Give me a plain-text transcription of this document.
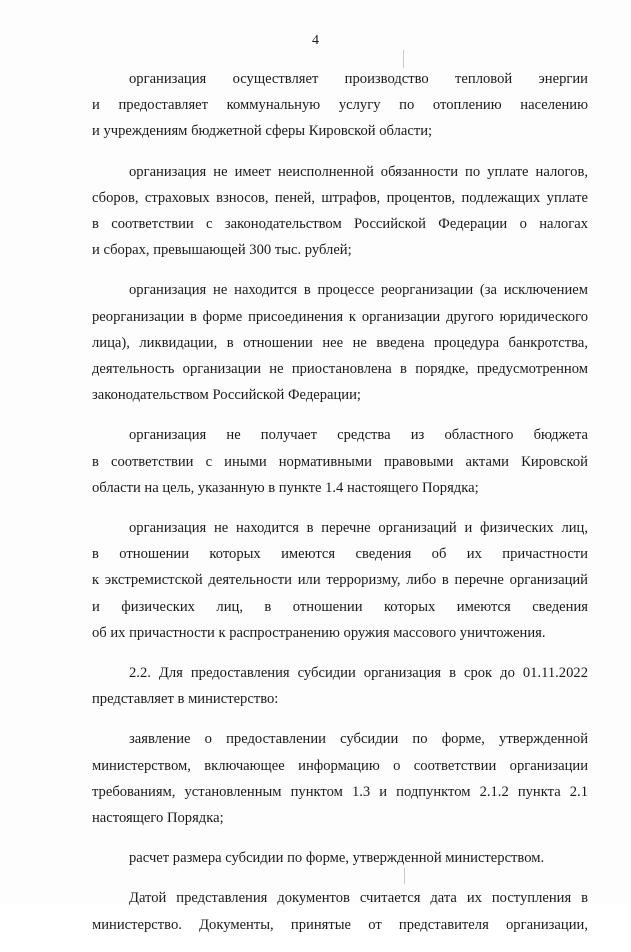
4
организация осуществляет производство тепловой энергии
и предоставляет коммунальную услугу по отоплению населению
и учреждениям бюджетной сферы Кировской области;
организация не имеет неисполненной обязанности по уплате налогов,
сборов, страховых взносов, пеней, штрафов, процентов, подлежащих уплате
в соответствии с законодательством Российской Федерации о налогах
и сборах, превышающей 300 тыс. рублей;
организация не находится в процессе реорганизации (за исключением
реорганизации в форме присоединения к организации другого юридического
лица), ликвидации, в отношении нее не введена процедура банкротства,
деятельность организации не приостановлена в порядке, предусмотренном
законодательством Российской Федерации;
организация не получает средства из областного бюджета
в соответствии с иными нормативными правовыми актами Кировской
области на цель, указанную в пункте 1.4 настоящего Порядка;
организация не находится в перечне организаций и физических лиц,
в отношении которых имеются сведения об их причастности
к экстремистской деятельности или терроризму, либо в перечне организаций
и физических лиц, в отношении которых имеются сведения
об их причастности к распространению оружия массового уничтожения.
2.2. Для предоставления субсидии организация в срок до 01.11.2022
представляет в министерство:
заявление о предоставлении субсидии по форме, утвержденной
министерством, включающее информацию о соответствии организации
требованиям, установленным пунктом 1.3 и подпунктом 2.1.2 пункта 2.1
настоящего Порядка;
расчет размера субсидии по форме, утвержденной министерством.
Датой представления документов считается дата их поступления в
министерство. Документы, принятые от представителя организации,
